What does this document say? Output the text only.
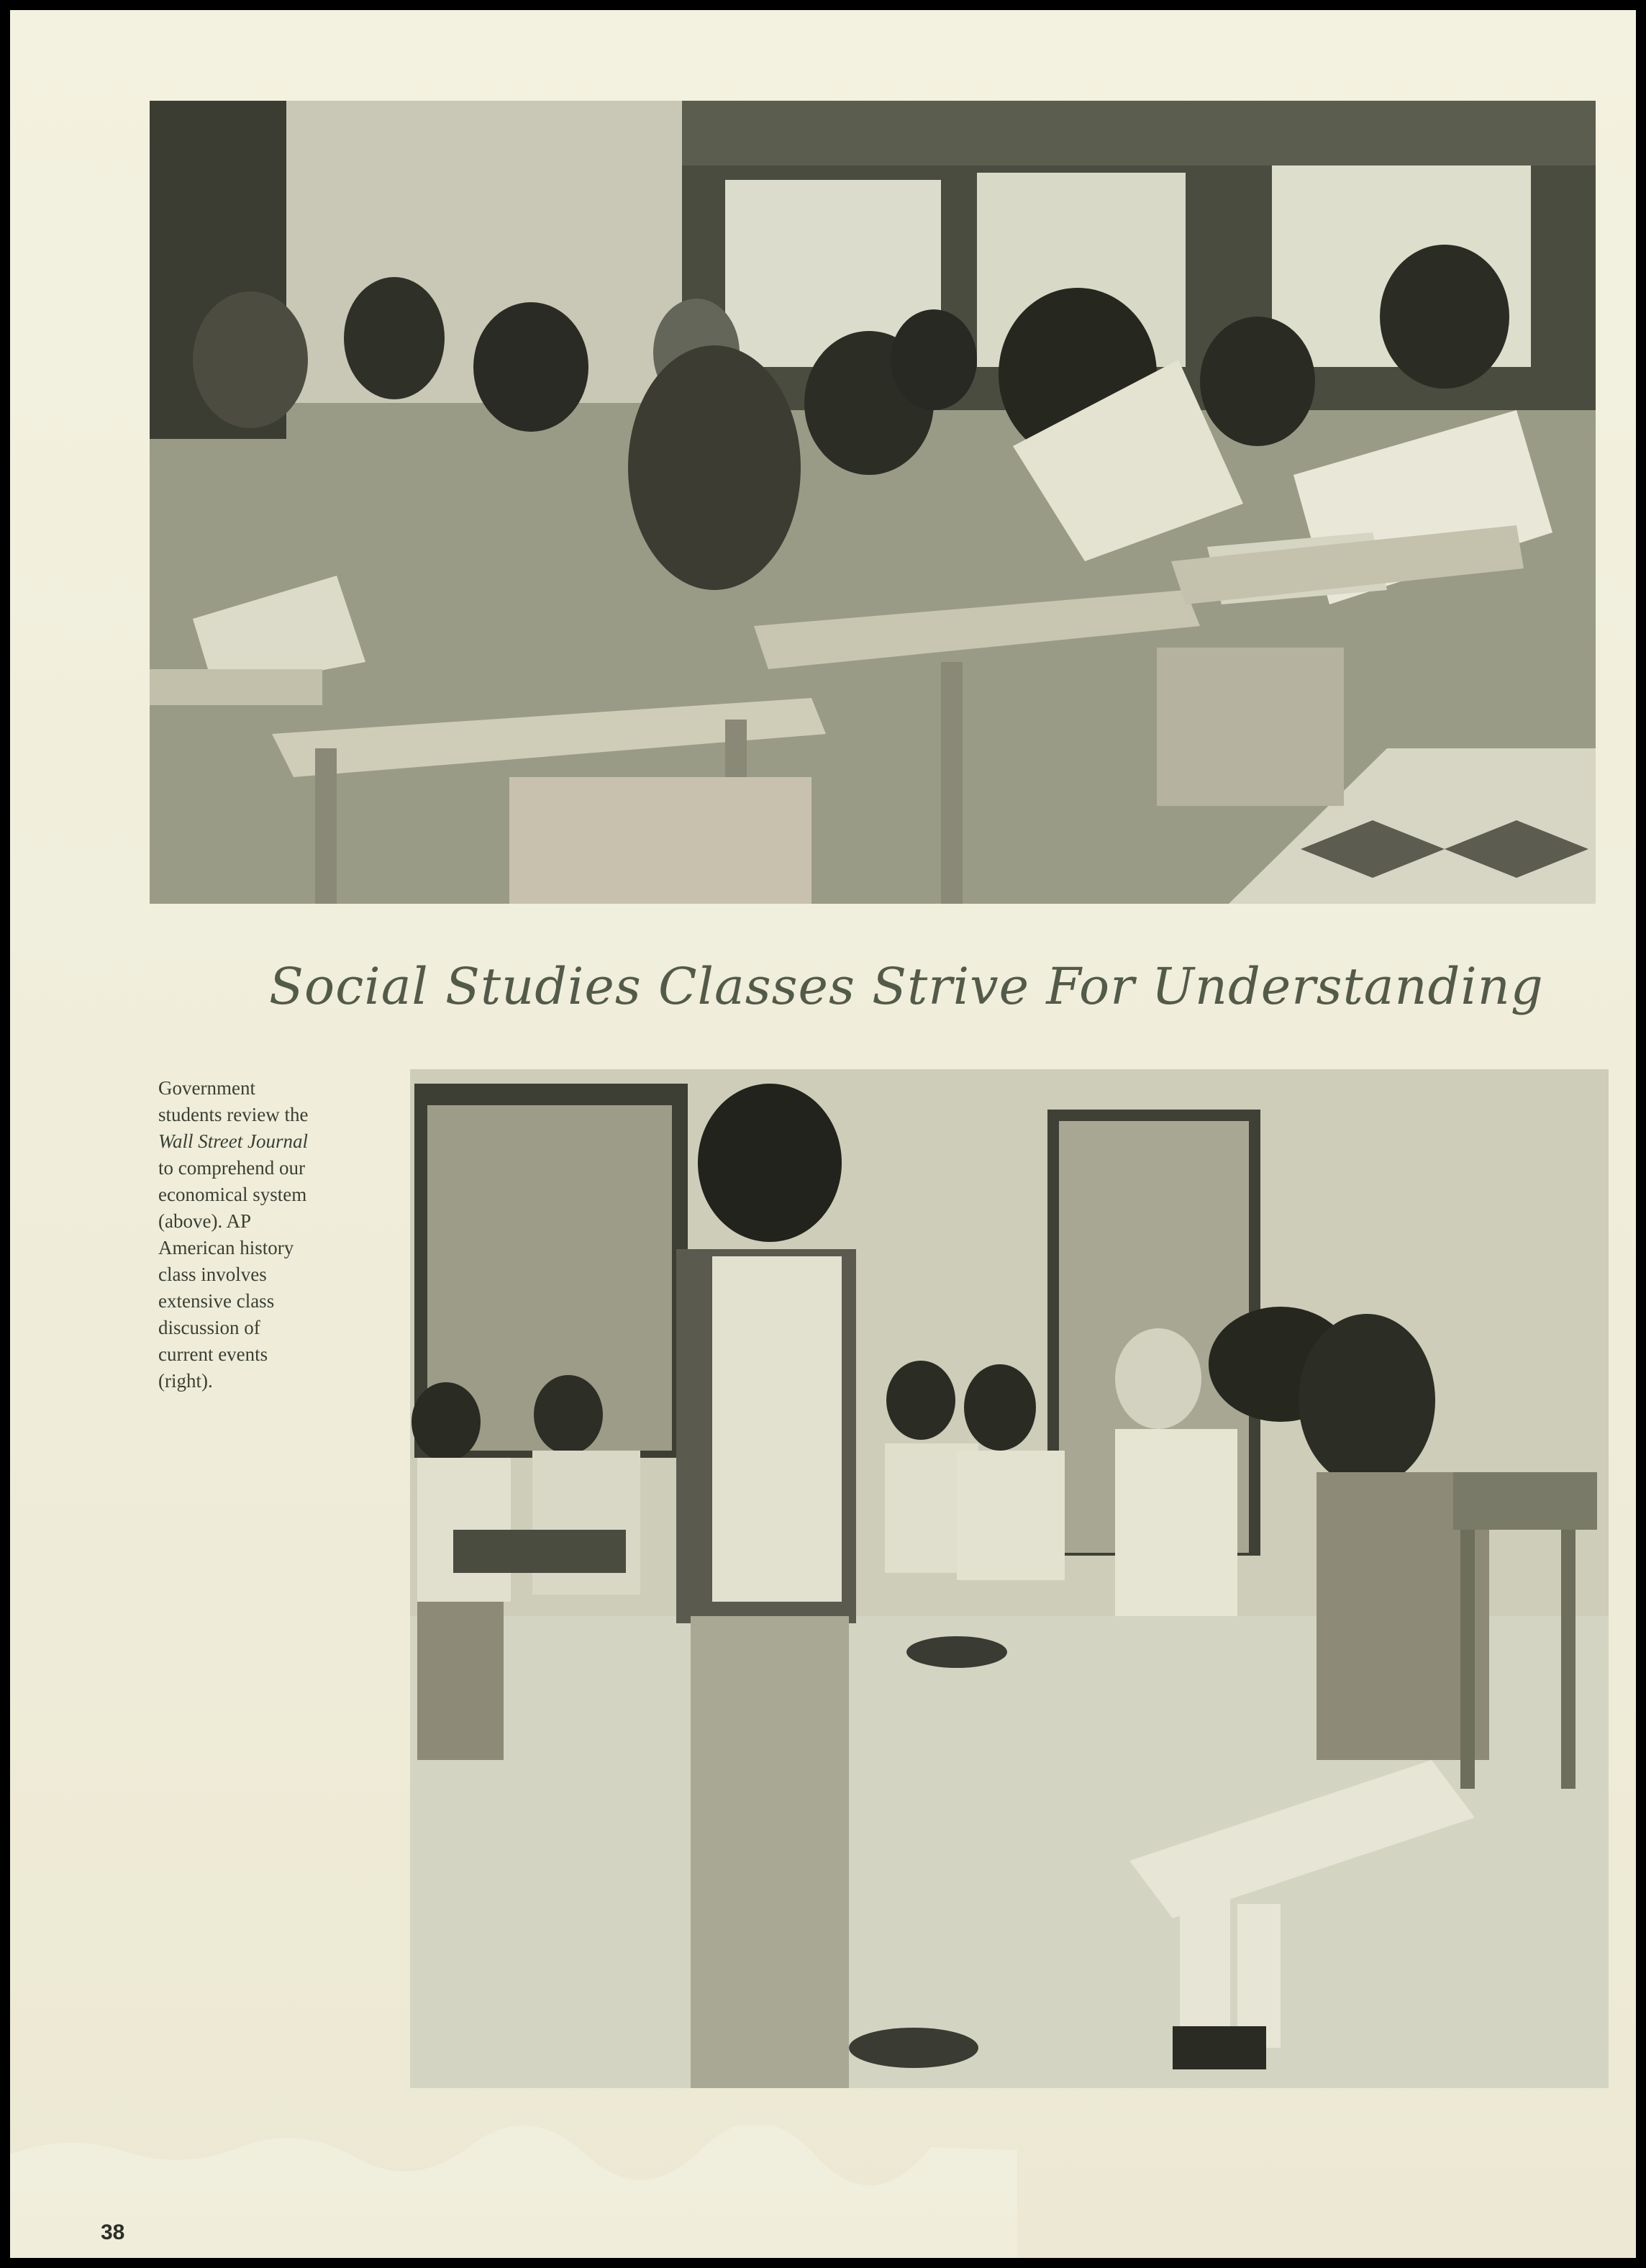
Social Studies Classes Strive For Understanding
Government
students review the
Wall Street Journal
to comprehend our
economical system
(above). AP
American history
class involves
extensive class
discussion of
current events
(right).
38
